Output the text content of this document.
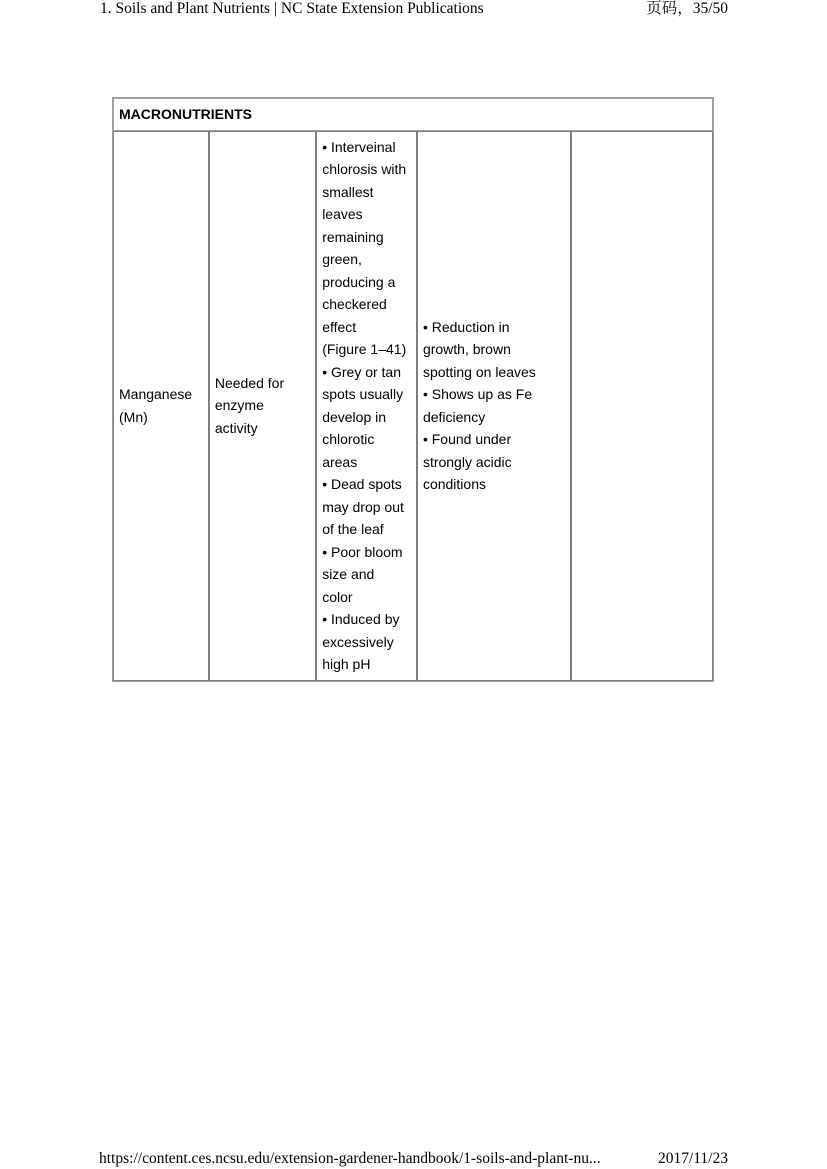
1. Soils and Plant Nutrients | NC State Extension Publications	页码，35/50
MACRONUTRIENTS

Manganese
(Mn)

Needed for
enzyme
activity

• Interveinal
chlorosis with
smallest
leaves
remaining
green,
producing a
checkered
effect
(Figure 1–41)
• Grey or tan
spots usually
develop in
chlorotic
areas
• Dead spots
may drop out
of the leaf
• Poor bloom
size and
color
• Induced by
excessively
high pH

• Reduction in
growth, brown
spotting on leaves
• Shows up as Fe
deficiency
• Found under
strongly acidic
conditions

https://content.ces.ncsu.edu/extension-gardener-handbook/1-soils-and-plant-nu...	2017/11/23
